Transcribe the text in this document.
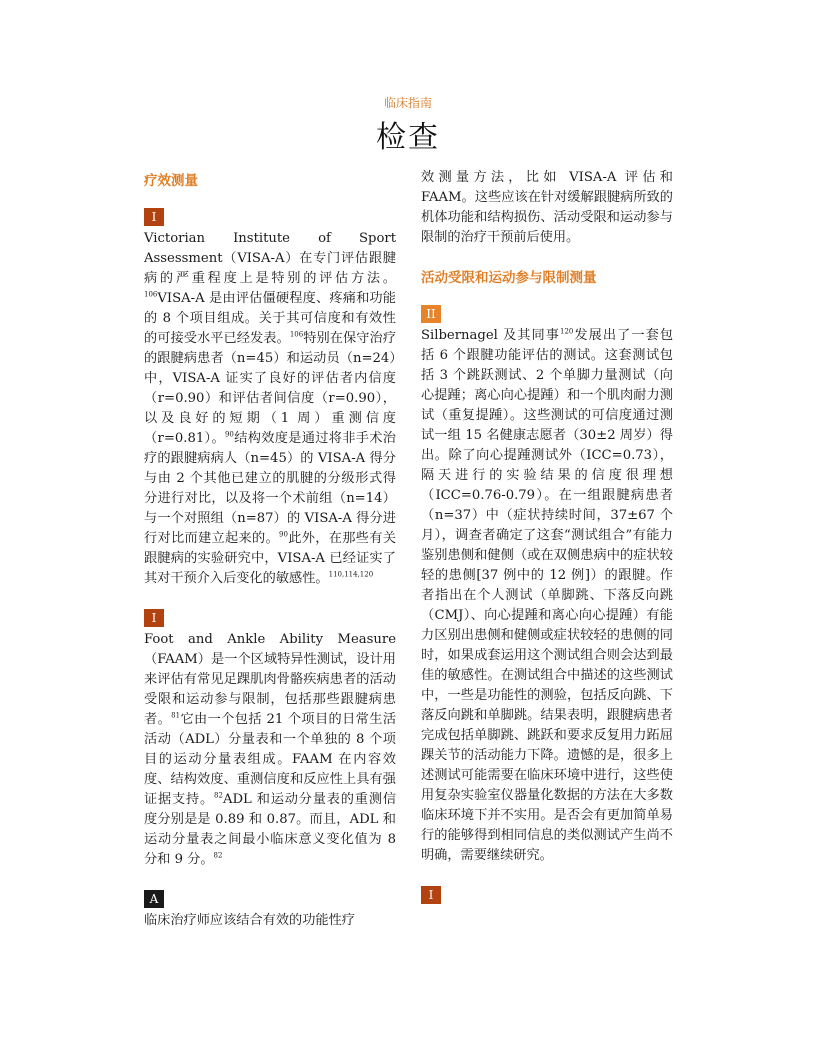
临床指南
检查
疗效测量
I

Victorian Institute of Sport Assessment（VISA-A）在专门评估跟腱病的严重程度上是特别的评估方法。$^{106}$VISA-A 是由评估僵硬程度、疼痛和功能的 8 个项目组成。关于其可信度和有效性的可接受水平已经发表。$^{106}$特别在保守治疗的跟腱病患者（n=45）和运动员（n=24）中，VISA-A 证实了良好的评估者内信度（r=0.90）和评估者间信度（r=0.90），以及良好的短期（1 周）重测信度（r=0.81）。$^{90}$结构效度是通过将非手术治疗的跟腱病病人（n=45）的 VISA-A 得分与由 2 个其他已建立的肌腱的分级形式得分进行对比，以及将一个术前组（n=14）与一个对照组（n=87）的 VISA-A 得分进行对比而建立起来的。$^{90}$此外，在那些有关跟腱病的实验研究中，VISA-A 已经证实了其对干预介入后变化的敏感性。$^{110,114,120}$

I

Foot and Ankle Ability Measure（FAAM）是一个区域特异性测试，设计用来评估有常见足踝肌肉骨骼疾病患者的活动受限和运动参与限制，包括那些跟腱病患者。$^{81}$它由一个包括 21 个项目的日常生活活动（ADL）分量表和一个单独的 8 个项目的运动分量表组成。FAAM 在内容效度、结构效度、重测信度和反应性上具有强证据支持。$^{82}$ADL 和运动分量表的重测信度分别是是 0.89 和 0.87。而且，ADL 和运动分量表之间最小临床意义变化值为 8 分和 9 分。$^{82}$

A

临床治疗师应该结合有效的功能性疗

效测量方法，比如 VISA-A 评估和 FAAM。这些应该在针对缓解跟腱病所致的机体功能和结构损伤、活动受限和运动参与限制的治疗干预前后使用。

活动受限和运动参与限制测量
II

Silbernagel 及其同事$^{120}$发展出了一套包括 6 个跟腱功能评估的测试。这套测试包括 3 个跳跃测试、2 个单脚力量测试（向心提踵；离心向心提踵）和一个肌肉耐力测试（重复提踵）。这些测试的可信度通过测试一组 15 名健康志愿者（30±2 周岁）得出。除了向心提踵测试外（ICC=0.73），隔天进行的实验结果的信度很理想（ICC=0.76-0.79）。在一组跟腱病患者（n=37）中（症状持续时间，37±67 个月），调查者确定了这套“测试组合”有能力鉴别患侧和健侧（或在双侧患病中的症状较轻的患侧[37 例中的 12 例]）的跟腱。作者指出在个人测试（单脚跳、下落反向跳（CMJ）、向心提踵和离心向心提踵）有能力区别出患侧和健侧或症状较轻的患侧的同时，如果成套运用这个测试组合则会达到最佳的敏感性。在测试组合中描述的这些测试中，一些是功能性的测验，包括反向跳、下落反向跳和单脚跳。结果表明，跟腱病患者完成包括单脚跳、跳跃和要求反复用力跖屈踝关节的活动能力下降。遗憾的是，很多上述测试可能需要在临床环境中进行，这些使用复杂实验室仪器量化数据的方法在大多数临床环境下并不实用。是否会有更加简单易行的能够得到相同信息的类似测试产生尚不明确，需要继续研究。

I
